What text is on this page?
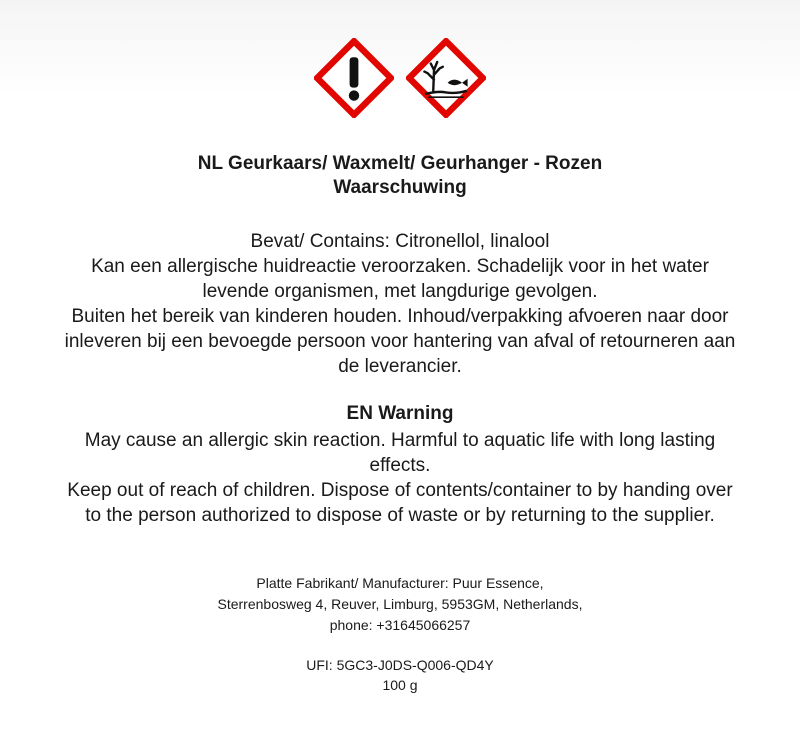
NL Geurkaars/ Waxmelt/ Geurhanger - Rozen
Waarschuwing
Bevat/ Contains: Citronellol, linalool
Kan een allergische huidreactie veroorzaken. Schadelijk voor in het water
levende organismen, met langdurige gevolgen.
Buiten het bereik van kinderen houden. Inhoud/verpakking afvoeren naar door
inleveren bij een bevoegde persoon voor hantering van afval of retourneren aan
de leverancier.
EN Warning
May cause an allergic skin reaction. Harmful to aquatic life with long lasting
effects.
Keep out of reach of children. Dispose of contents/container to by handing over
to the person authorized to dispose of waste or by returning to the supplier.
Platte Fabrikant/ Manufacturer: Puur Essence,
Sterrenbosweg 4, Reuver, Limburg, 5953GM, Netherlands,
phone: +31645066257
UFI: 5GC3-J0DS-Q006-QD4Y
100 g
